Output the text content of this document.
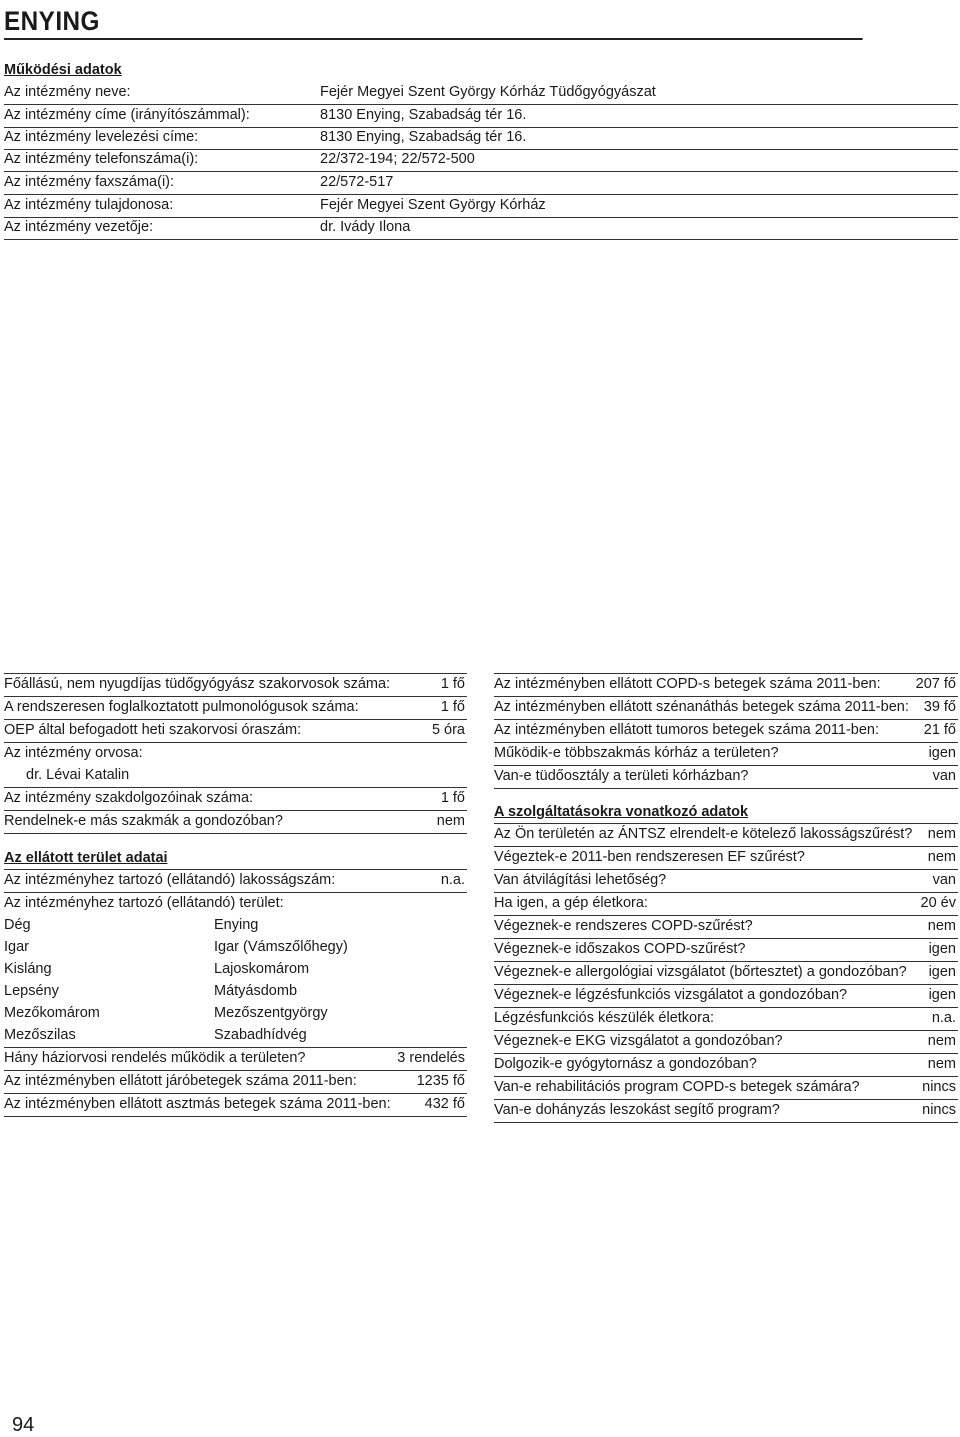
ENYING
Működési adatok
Az intézmény neve:	Fejér Megyei Szent György Kórház Tüdőgyógyászat
Az intézmény címe (irányítószámmal):	8130 Enying, Szabadság tér 16.
Az intézmény levelezési címe:	8130 Enying, Szabadság tér 16.
Az intézmény telefonszáma(i):	22/372-194; 22/572-500
Az intézmény faxszáma(i):	22/572-517
Az intézmény tulajdonosa:	Fejér Megyei Szent György Kórház
Az intézmény vezetője:	dr. Ivády Ilona
Főállású, nem nyugdíjas tüdőgyógyász szakorvosok száma:	1 fő
A rendszeresen foglalkoztatott pulmonológusok száma:	1 fő
OEP által befogadott heti szakorvosi óraszám:	5 óra
Az intézmény orvosa:
dr. Lévai Katalin
Az intézmény szakdolgozóinak száma:	1 fő
Rendelnek-e más szakmák a gondozóban?	nem
Az ellátott terület adatai
Az intézményhez tartozó (ellátandó) lakosságszám:	n.a.
Az intézményhez tartozó (ellátandó) terület:
Dég	Enying
Igar	Igar (Vámszőlőhegy)
Kisláng	Lajoskomárom
Lepsény	Mátyásdomb
Mezőkomárom	Mezőszentgyörgy
Mezőszilas	Szabadhídvég
Hány háziorvosi rendelés működik a területen?	3 rendelés
Az intézményben ellátott járóbetegek száma 2011-ben:	1235 fő
Az intézményben ellátott asztmás betegek száma 2011-ben: 432 fő
Az intézményben ellátott COPD-s betegek száma 2011-ben: 207 fő
Az intézményben ellátott szénanáthás betegek száma 2011-ben: 39 fő
Az intézményben ellátott tumoros betegek száma 2011-ben:	21 fő
Működik-e többszakmás kórház a területen?	igen
Van-e tüdőosztály a területi kórházban?	van
A szolgáltatásokra vonatkozó adatok
Az Ön területén az ÁNTSZ elrendelt-e kötelező lakosságszűrést? nem
Végeztek-e 2011-ben rendszeresen EF szűrést?	nem
Van átvilágítási lehetőség?	van
Ha igen, a gép életkora:	20 év
Végeznek-e rendszeres COPD-szűrést?	nem
Végeznek-e időszakos COPD-szűrést?	igen
Végeznek-e allergológiai vizsgálatot (bőrtesztet) a gondozóban? igen
Végeznek-e légzésfunkciós vizsgálatot a gondozóban?	igen
Légzésfunkciós készülék életkora:	n.a.
Végeznek-e EKG vizsgálatot a gondozóban?	nem
Dolgozik-e gyógytornász a gondozóban?	nem
Van-e rehabilitációs program COPD-s betegek számára?	nincs
Van-e dohányzás leszokást segítő program?	nincs
94
